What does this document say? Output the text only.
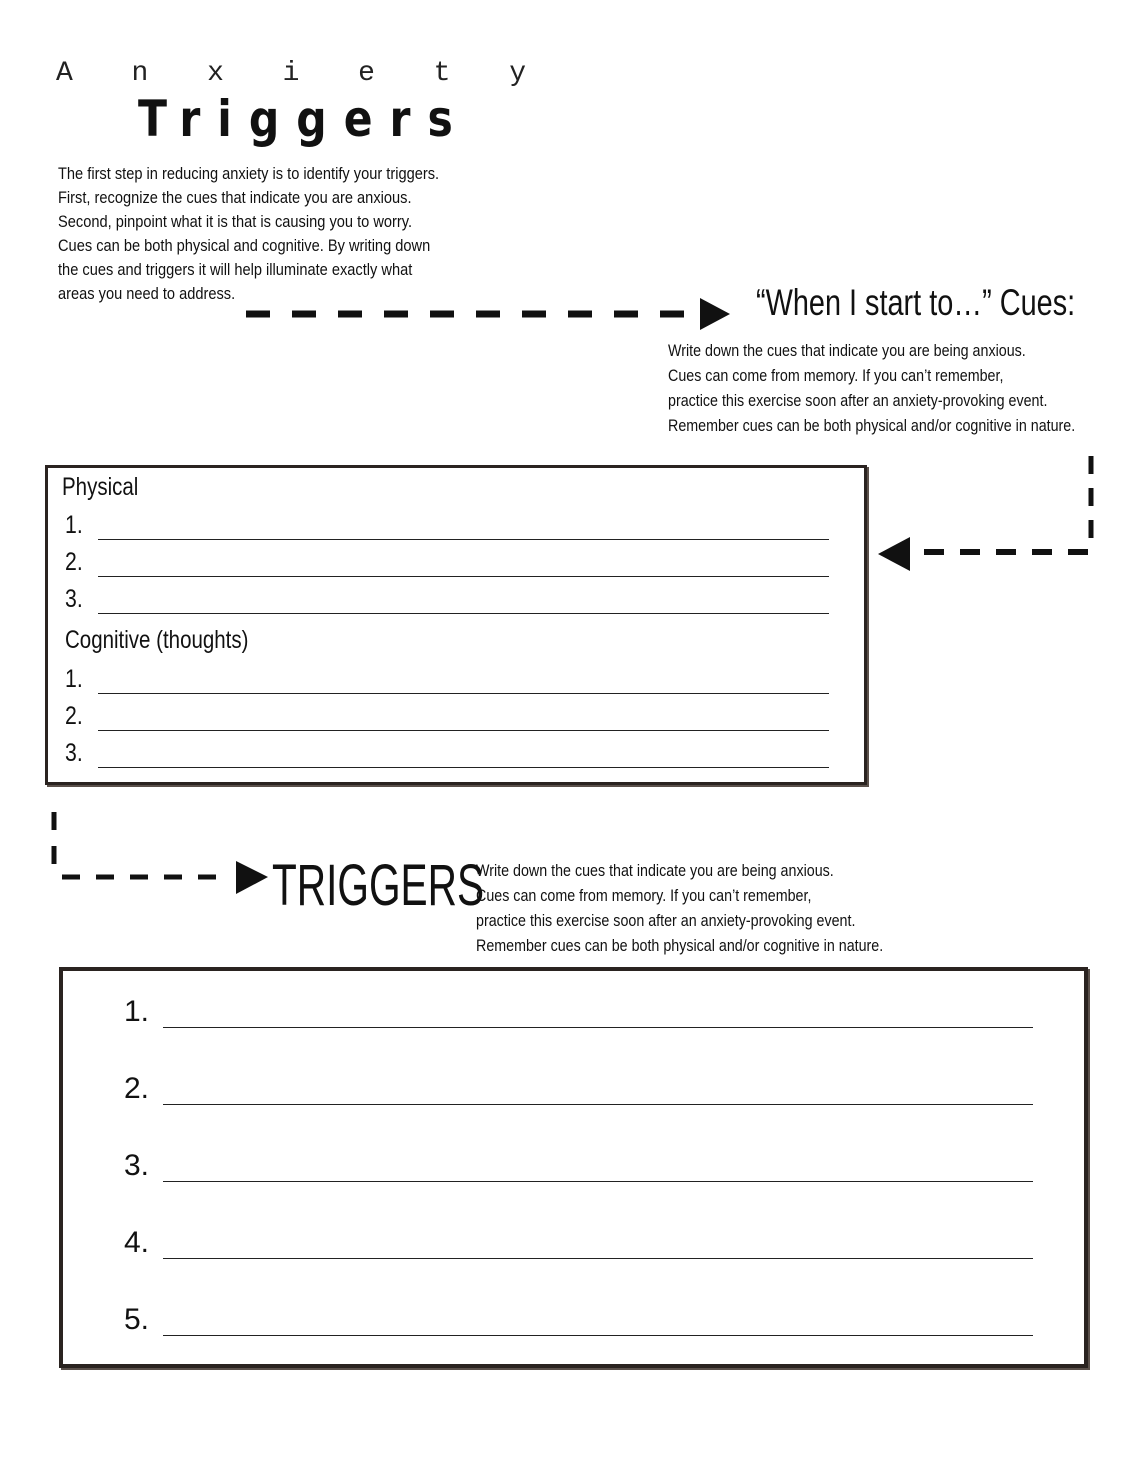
A n x i e t y
Triggers
The first step in reducing anxiety is to identify your triggers.
First, recognize the cues that indicate you are anxious.
Second, pinpoint what it is that is causing you to worry.
Cues can be both physical and cognitive. By writing down
the cues and triggers it will help illuminate exactly what
areas you need to address.	“When I start to…” Cues:
Write down the cues that indicate you are being anxious.
Cues can come from memory. If you can’t remember,
practice this exercise soon after an anxiety-provoking event.
Remember cues can be both physical and/or cognitive in nature.
Physical
1.
2.
3.
Cognitive (thoughts)
1.
2.
3.
TRIGGERS
Write down the cues that indicate you are being anxious.
Cues can come from memory. If you can’t remember,
practice this exercise soon after an anxiety-provoking event.
Remember cues can be both physical and/or cognitive in nature.
1.
2.
3.
4.
5.
